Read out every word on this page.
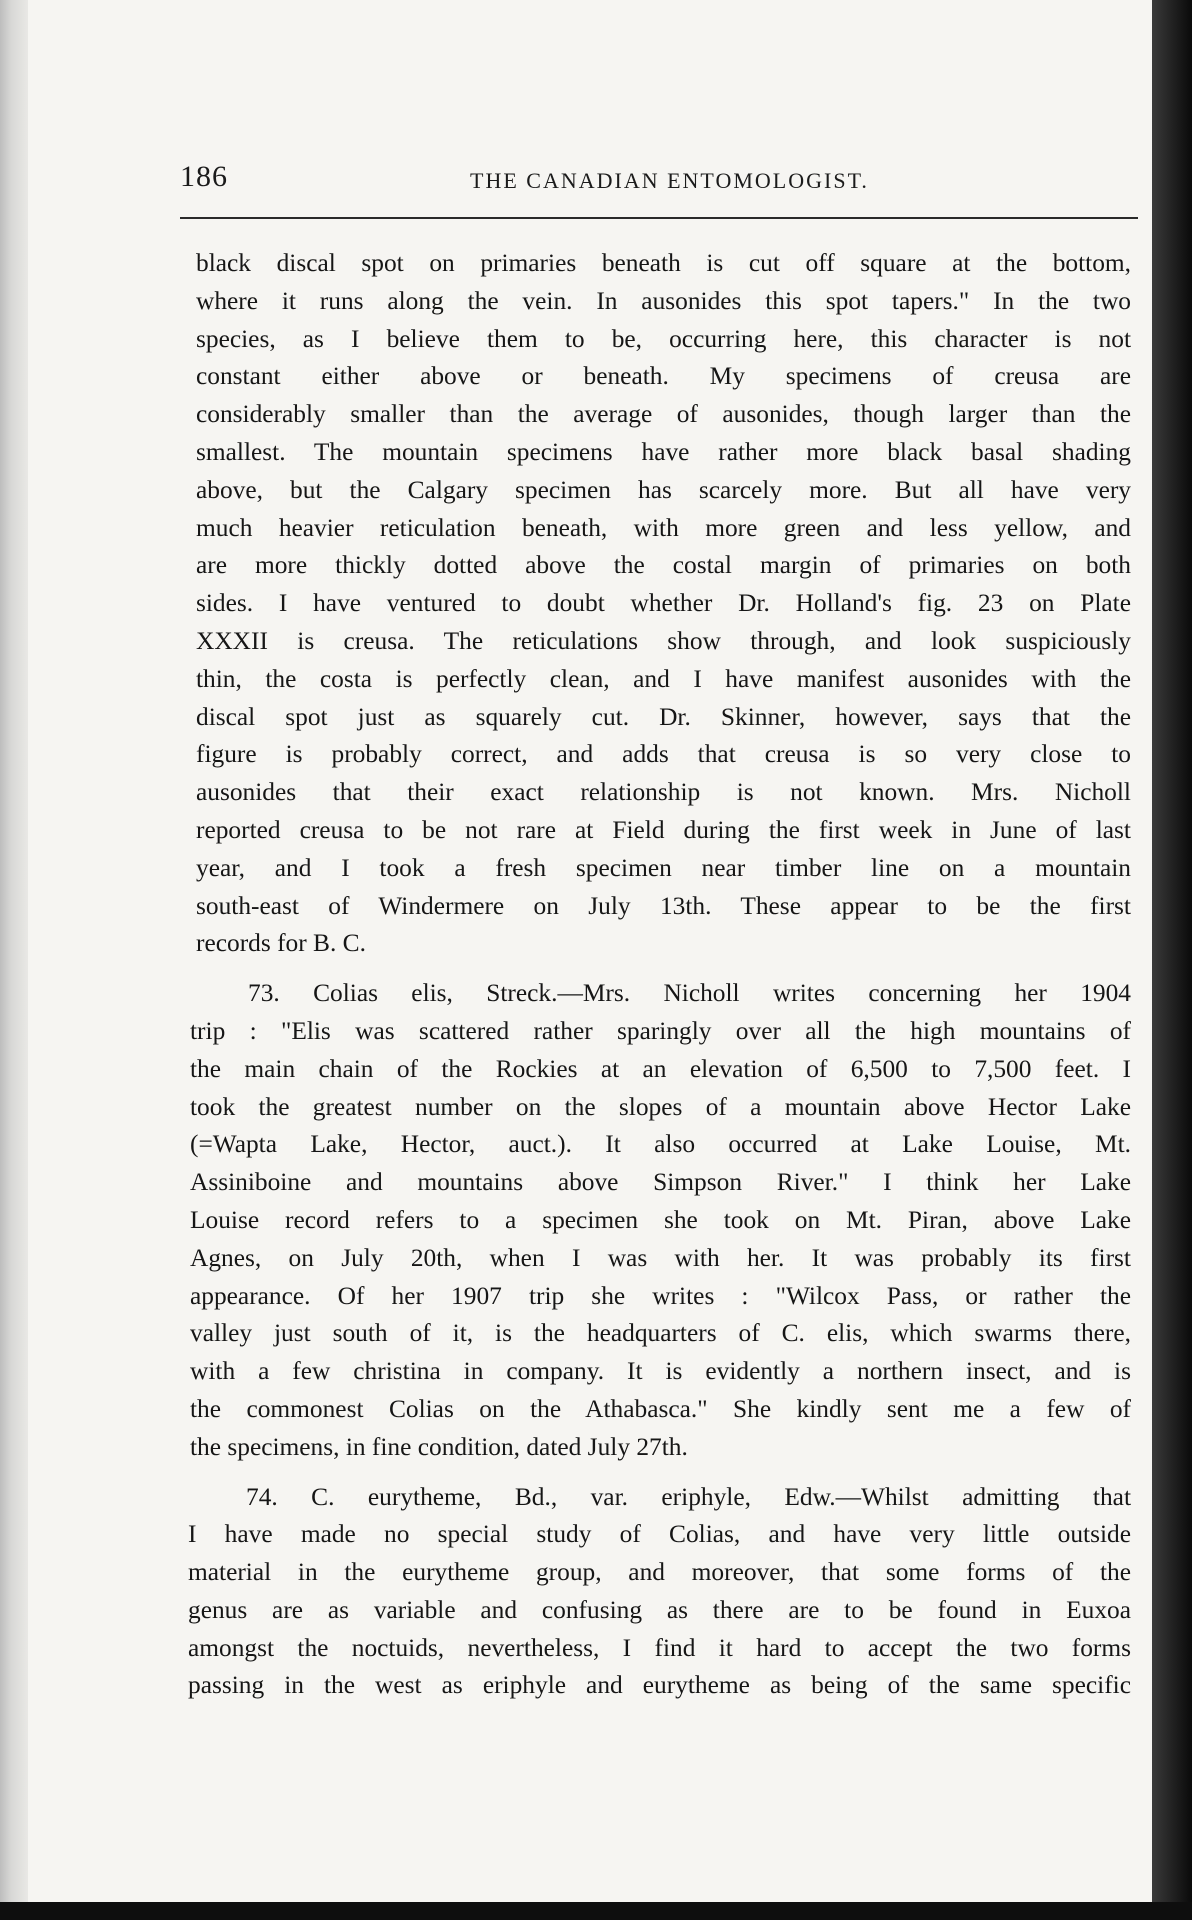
186	THE CANADIAN ENTOMOLOGIST.
black discal spot on primaries beneath is cut off square at the bottom,
where it runs along the vein. In ausonides this spot tapers." In the two
species, as I believe them to be, occurring here, this character is not
constant either above or beneath. My specimens of creusa are
considerably smaller than the average of ausonides, though larger than the
smallest. The mountain specimens have rather more black basal shading
above, but the Calgary specimen has scarcely more. But all have very
much heavier reticulation beneath, with more green and less yellow, and
are more thickly dotted above the costal margin of primaries on both
sides. I have ventured to doubt whether Dr. Holland's fig. 23 on Plate
XXXII is creusa. The reticulations show through, and look suspiciously
thin, the costa is perfectly clean, and I have manifest ausonides with the
discal spot just as squarely cut. Dr. Skinner, however, says that the
figure is probably correct, and adds that creusa is so very close to
ausonides that their exact relationship is not known. Mrs. Nicholl
reported creusa to be not rare at Field during the first week in June of last
year, and I took a fresh specimen near timber line on a mountain
south-east of Windermere on July 13th. These appear to be the first
records for B. C.
73. Colias elis, Streck.—Mrs. Nicholl writes concerning her 1904
trip : "Elis was scattered rather sparingly over all the high mountains of
the main chain of the Rockies at an elevation of 6,500 to 7,500 feet. I
took the greatest number on the slopes of a mountain above Hector Lake
(=Wapta Lake, Hector, auct.). It also occurred at Lake Louise, Mt.
Assiniboine and mountains above Simpson River." I think her Lake
Louise record refers to a specimen she took on Mt. Piran, above Lake
Agnes, on July 20th, when I was with her. It was probably its first
appearance. Of her 1907 trip she writes : "Wilcox Pass, or rather the
valley just south of it, is the headquarters of C. elis, which swarms there,
with a few christina in company. It is evidently a northern insect, and is
the commonest Colias on the Athabasca." She kindly sent me a few of
the specimens, in fine condition, dated July 27th.
74. C. eurytheme, Bd., var. eriphyle, Edw.—Whilst admitting that
I have made no special study of Colias, and have very little outside
material in the eurytheme group, and moreover, that some forms of the
genus are as variable and confusing as there are to be found in Euxoa
amongst the noctuids, nevertheless, I find it hard to accept the two forms
passing in the west as eriphyle and eurytheme as being of the same specific
